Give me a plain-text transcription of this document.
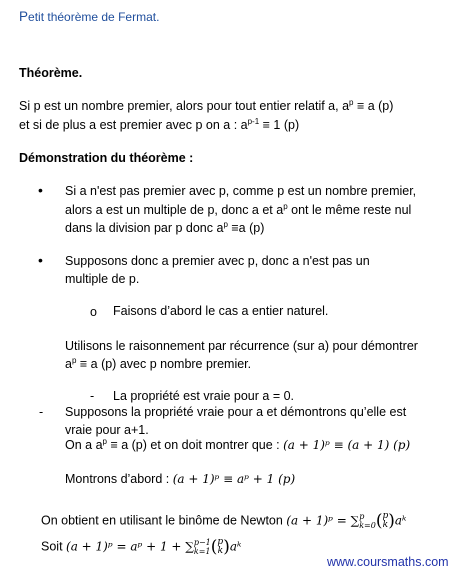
Petit théorème de Fermat.
Théorème.
Si p est un nombre premier, alors pour tout entier relatif a, $a^p \equiv a$ (p)
et si de plus a est premier avec p on a : $a^{p-1} \equiv 1$ (p)
Démonstration du théorème :
• Si a n'est pas premier avec p, comme p est un nombre premier,
alors a est un multiple de p, donc a et $a^p$ ont le même reste nul
dans la division par p donc $a^p \equiv a$ (p)
• Supposons donc a premier avec p, donc a n'est pas un
multiple de p.
o Faisons d’abord le cas a entier naturel.
Utilisons le raisonnement par récurrence (sur a) pour démontrer
$a^p \equiv a$ (p) avec p nombre premier.
- La propriété est vraie pour a = 0.
- Supposons la propriété vraie pour a et démontrons qu’elle est
vraie pour a+1.
On a $a^p \equiv a$ (p) et on doit montrer que : (a + 1)ᵖ ≡ (a + 1) (p)
Montrons d’abord : (a + 1)ᵖ ≡ aᵖ + 1 (p)
On obtient en utilisant le binôme de Newton (a + 1)ᵖ = ∑p
k=0(p
k)aᵏ
Soit (a + 1)ᵖ = aᵖ + 1 + ∑p−1
k=1(p
k)aᵏ
www.coursmaths.com
